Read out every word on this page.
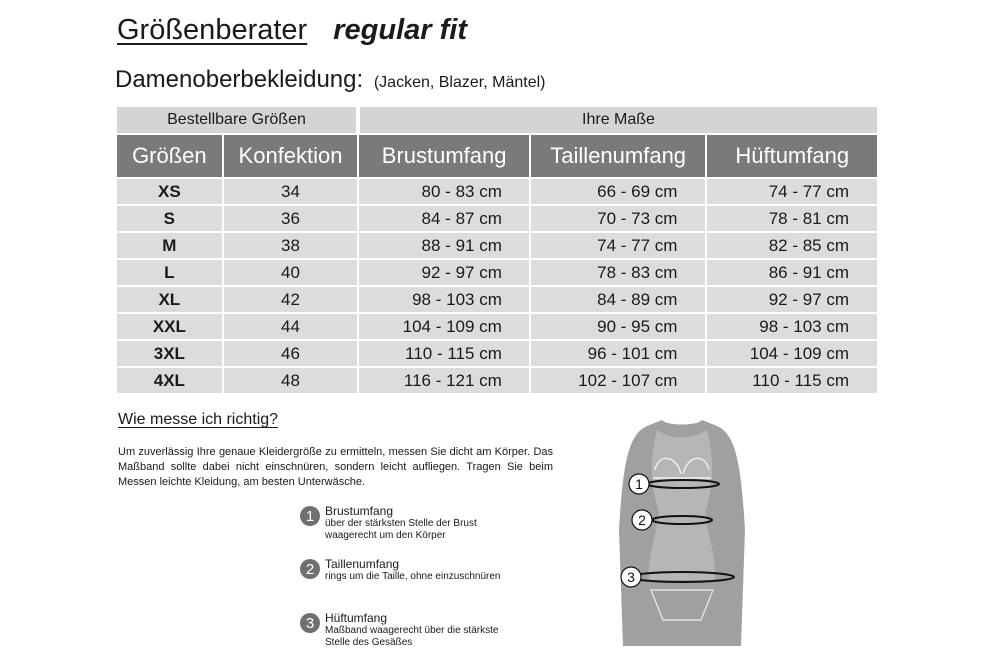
Größenberater regular fit
Damenoberbekleidung: (Jacken, Blazer, Mäntel)
Bestellbare Größen	Ihre Maße
Größen	Konfektion	Brustumfang	Taillenumfang	Hüftumfang
XS	34	80 - 83 cm	66 - 69 cm	74 - 77 cm
S	36	84 - 87 cm	70 - 73 cm	78 - 81 cm
M	38	88 - 91 cm	74 - 77 cm	82 - 85 cm
L	40	92 - 97 cm	78 - 83 cm	86 - 91 cm
XL	42	98 - 103 cm	84 - 89 cm	92 - 97 cm
XXL	44	104 - 109 cm	90 - 95 cm	98 - 103 cm
3XL	46	110 - 115 cm	96 - 101 cm	104 - 109 cm
4XL	48	116 - 121 cm	102 - 107 cm	110 - 115 cm
Wie messe ich richtig?
Um zuverlässig Ihre genaue Kleidergröße zu ermitteln, messen Sie dicht am Körper. Das Maßband sollte dabei nicht einschnüren, sondern leicht aufliegen. Tragen Sie beim Messen leichte Kleidung, am besten Unterwäsche.
1 Brustumfang
über der stärksten Stelle der Brust waagerecht um den Körper
2 Taillenumfang
rings um die Taille, ohne einzuschnüren
3 Hüftumfang
Maßband waagerecht über die stärkste Stelle des Gesäßes
1
2
3
